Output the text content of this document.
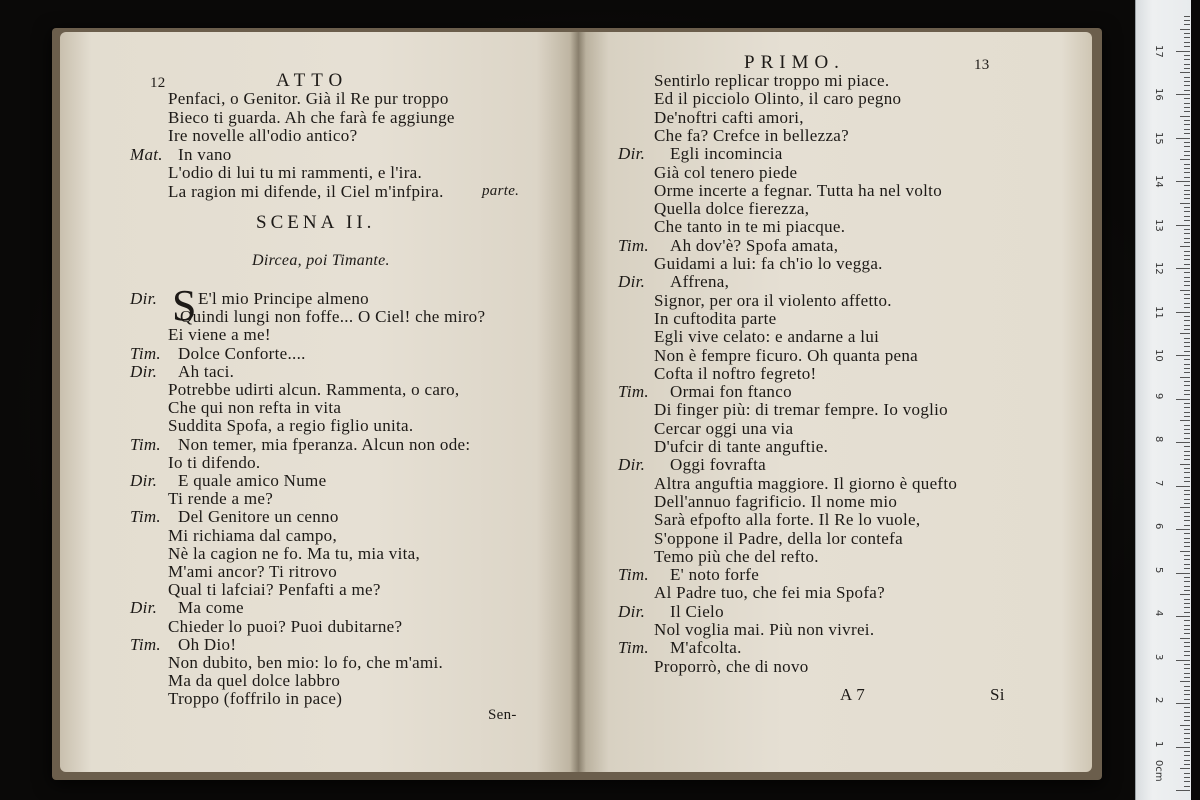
12	ATTO
Penfaci, o Genitor. Già il Re pur troppo
Bieco ti guarda. Ah che farà fe aggiunge
Ire novelle all'odio antico?
Mat. In vano
L'odio di lui tu mi rammenti, e l'ira.
La ragion mi difende, il Ciel m'infpira.	parte.
SCENA II.
Dircea, poi Timante.
S
Dir. E'l mio Principe almeno
Quindi lungi non foffe... O Ciel! che miro?
Ei viene a me!
Tim. Dolce Conforte....
Dir. Ah taci.
Potrebbe udirti alcun. Rammenta, o caro,
Che qui non refta in vita
Suddita Spofa, a regio figlio unita.
Tim. Non temer, mia fperanza. Alcun non ode:
Io ti difendo.
Dir. E quale amico Nume
Ti rende a me?
Tim. Del Genitore un cenno
Mi richiama dal campo,
Nè la cagion ne fo. Ma tu, mia vita,
M'ami ancor? Ti ritrovo
Qual ti lafciai? Penfafti a me?
Dir. Ma come
Chieder lo puoi? Puoi dubitarne?
Tim. Oh Dio!
Non dubito, ben mio: lo fo, che m'ami.
Ma da quel dolce labbro
Troppo (foffrilo in pace)
Sen-
PRIMO.	13
Sentirlo replicar troppo mi piace.
Ed il picciolo Olinto, il caro pegno
De'noftri cafti amori,
Che fa? Crefce in bellezza?
Dir. Egli incomincia
Già col tenero piede
Orme incerte a fegnar. Tutta ha nel volto
Quella dolce fierezza,
Che tanto in te mi piacque.
Tim. Ah dov'è? Spofa amata,
Guidami a lui: fa ch'io lo vegga.
Dir. Affrena,
Signor, per ora il violento affetto.
In cuftodita parte
Egli vive celato: e andarne a lui
Non è fempre ficuro. Oh quanta pena
Cofta il noftro fegreto!
Tim. Ormai fon ftanco
Di finger più: di tremar fempre. Io voglio
Cercar oggi una via
D'ufcir di tante anguftie.
Dir. Oggi fovrafta
Altra anguftia maggiore. Il giorno è quefto
Dell'annuo fagrificio. Il nome mio
Sarà efpofto alla forte. Il Re lo vuole,
S'oppone il Padre, della lor contefa
Temo più che del refto.
Tim. E' noto forfe
Al Padre tuo, che fei mia Spofa?
Dir. Il Cielo
Nol voglia mai. Più non vivrei.
Tim. M'afcolta.
Proporrò, che di novo
A 7	Si
0cm
1
2
3
4
5
6
7
8
9
10
11
12
13
14
15
16
17
